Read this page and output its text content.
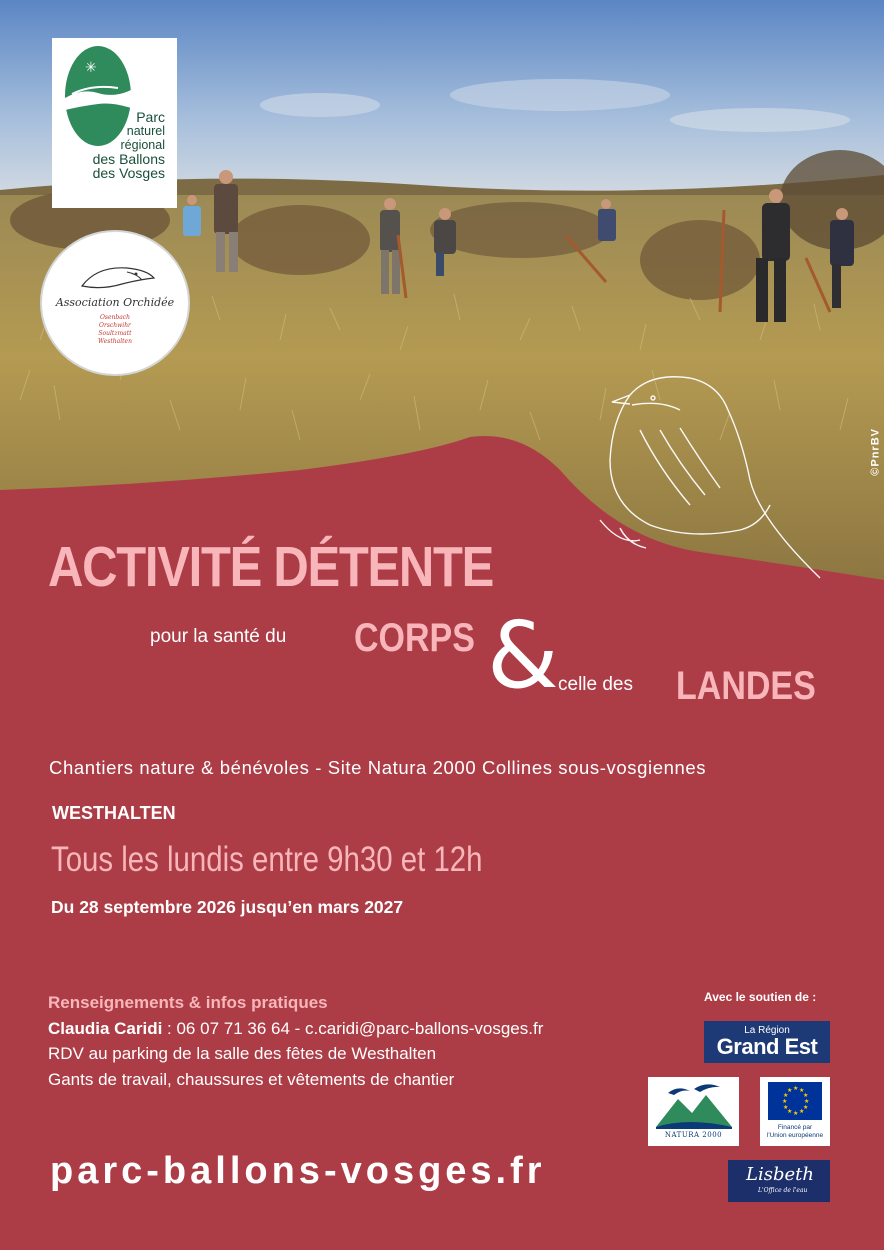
©PnrBV
✳
Parc
naturel
régional
des Ballons
des Vosges
Association Orchidée
Osenbach
Orschwihr
Soultzmatt
Westhalten
ACTIVITÉ DÉTENTE
pour la santé du CORPS & celle des LANDES
Chantiers nature & bénévoles - Site Natura 2000 Collines sous-vosgiennes
WESTHALTEN
Tous les lundis entre 9h30 et 12h
Du 28 septembre 2026 jusqu’en mars 2027
Renseignements & infos pratiques
Claudia Caridi : 06 07 71 36 64 - c.caridi@parc-ballons-vosges.fr
RDV au parking de la salle des fêtes de Westhalten
Gants de travail, chaussures et vêtements de chantier
parc-ballons-vosges.fr
Avec le soutien de :
La Région
Grand Est
NATURA 2000
★ ★
★
★
★
★
★
★
★
★
★
★
Financé par
l'Union européenne
Lisbeth
L'Office de l'eau
